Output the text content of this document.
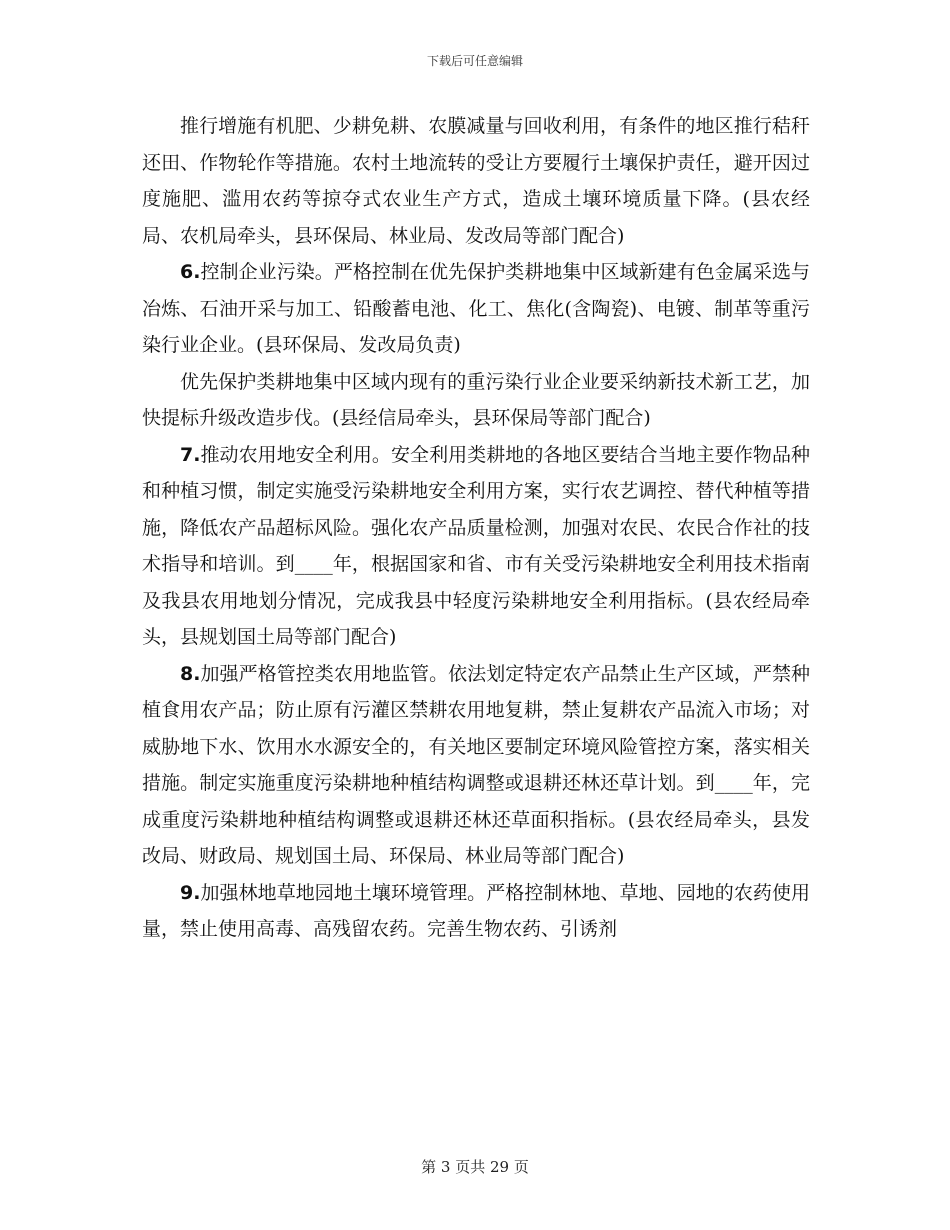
下载后可任意编辑

推行增施有机肥、少耕免耕、农膜减量与回收利用，有条件的地区推行秸秆还田、作物轮作等措施。农村土地流转的受让方要履行土壤保护责任，避开因过度施肥、滥用农药等掠夺式农业生产方式，造成土壤环境质量下降。(县农经局、农机局牵头，县环保局、林业局、发改局等部门配合)

6.控制企业污染。严格控制在优先保护类耕地集中区域新建有色金属采选与冶炼、石油开采与加工、铅酸蓄电池、化工、焦化(含陶瓷)、电镀、制革等重污染行业企业。(县环保局、发改局负责)

优先保护类耕地集中区域内现有的重污染行业企业要采纳新技术新工艺，加快提标升级改造步伐。(县经信局牵头，县环保局等部门配合)

7.推动农用地安全利用。安全利用类耕地的各地区要结合当地主要作物品种和种植习惯，制定实施受污染耕地安全利用方案，实行农艺调控、替代种植等措施，降低农产品超标风险。强化农产品质量检测，加强对农民、农民合作社的技术指导和培训。到____年，根据国家和省、市有关受污染耕地安全利用技术指南及我县农用地划分情况，完成我县中轻度污染耕地安全利用指标。(县农经局牵头，县规划国土局等部门配合)

8.加强严格管控类农用地监管。依法划定特定农产品禁止生产区域，严禁种植食用农产品；防止原有污灌区禁耕农用地复耕，禁止复耕农产品流入市场；对威胁地下水、饮用水水源安全的，有关地区要制定环境风险管控方案，落实相关措施。制定实施重度污染耕地种植结构调整或退耕还林还草计划。到____年，完成重度污染耕地种植结构调整或退耕还林还草面积指标。(县农经局牵头，县发改局、财政局、规划国土局、环保局、林业局等部门配合)

9.加强林地草地园地土壤环境管理。严格控制林地、草地、园地的农药使用量，禁止使用高毒、高残留农药。完善生物农药、引诱剂

第 3 页共 29 页
